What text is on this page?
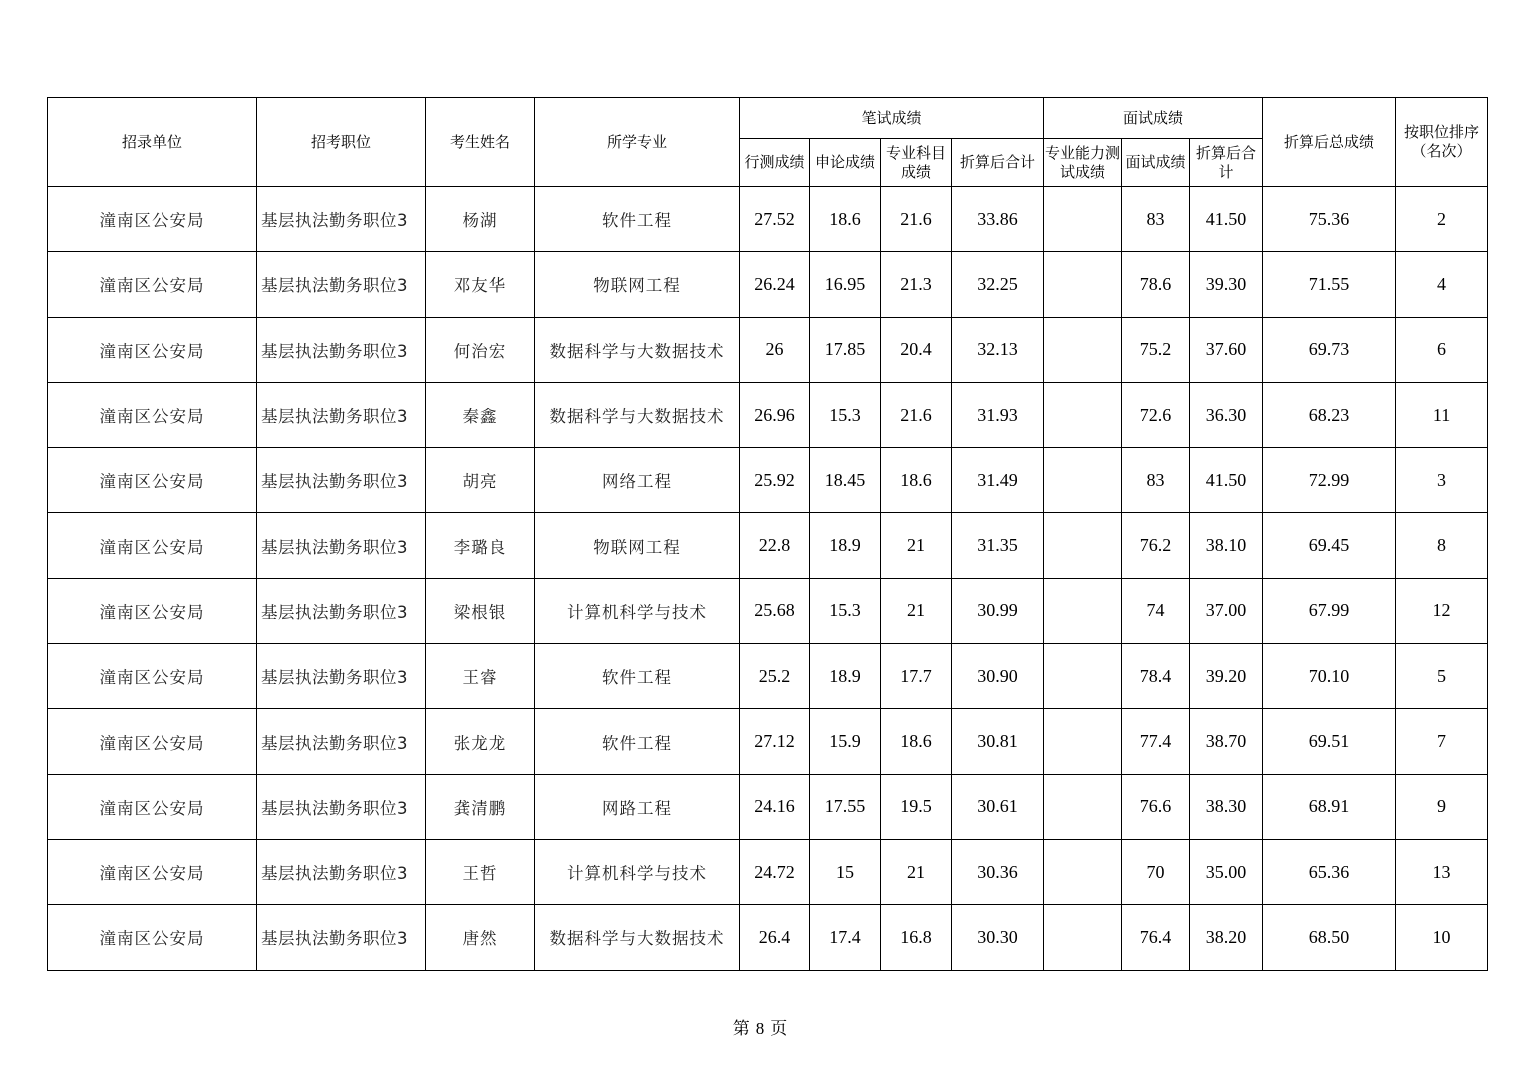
招录单位	招考职位	考生姓名	所学专业	笔试成绩				面试成绩			折算后总成绩	按职位排序（名次）
				行测成绩	申论成绩	专业科目成绩	折算后合计	专业能力测试成绩	面试成绩	折算后合计		
潼南区公安局	基层执法勤务职位3	杨湖	软件工程	27.52	18.6	21.6	33.86		83	41.50	75.36	2
潼南区公安局	基层执法勤务职位3	邓友华	物联网工程	26.24	16.95	21.3	32.25		78.6	39.30	71.55	4
潼南区公安局	基层执法勤务职位3	何治宏	数据科学与大数据技术	26	17.85	20.4	32.13		75.2	37.60	69.73	6
潼南区公安局	基层执法勤务职位3	秦鑫	数据科学与大数据技术	26.96	15.3	21.6	31.93		72.6	36.30	68.23	11
潼南区公安局	基层执法勤务职位3	胡亮	网络工程	25.92	18.45	18.6	31.49		83	41.50	72.99	3
潼南区公安局	基层执法勤务职位3	李璐良	物联网工程	22.8	18.9	21	31.35		76.2	38.10	69.45	8
潼南区公安局	基层执法勤务职位3	梁根银	计算机科学与技术	25.68	15.3	21	30.99		74	37.00	67.99	12
潼南区公安局	基层执法勤务职位3	王睿	软件工程	25.2	18.9	17.7	30.90		78.4	39.20	70.10	5
潼南区公安局	基层执法勤务职位3	张龙龙	软件工程	27.12	15.9	18.6	30.81		77.4	38.70	69.51	7
潼南区公安局	基层执法勤务职位3	龚清鹏	网路工程	24.16	17.55	19.5	30.61		76.6	38.30	68.91	9
潼南区公安局	基层执法勤务职位3	王哲	计算机科学与技术	24.72	15	21	30.36		70	35.00	65.36	13
潼南区公安局	基层执法勤务职位3	唐然	数据科学与大数据技术	26.4	17.4	16.8	30.30		76.4	38.20	68.50	10
第 8 页
